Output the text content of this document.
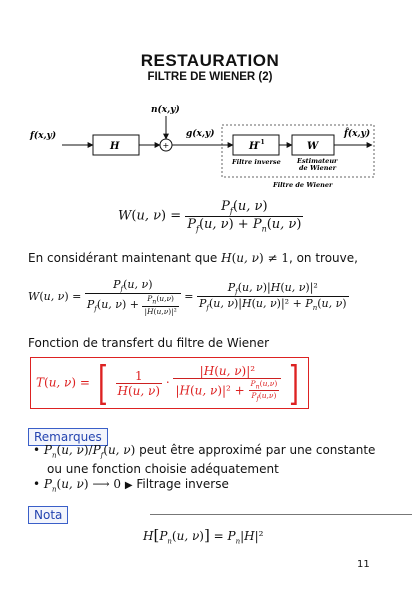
RESTAURATION
FILTRE DE WIENER (2)
f(x,y)
n(x,y)
g(x,y)	f̂(x,y)
H	H -1	W
+
Filtre inverse	Estimateur
de Wiener
Filtre de Wiener
W(u, $\nu) = \frac{P_f(u, \nu)}{P_f(u, \nu) + P_n(u, \nu)}$
En considérant maintenant que H(u, ν) ≠ 1, on trouve,
W(u, $\nu) = \frac{P_f(u, \nu)}{P_f(u, \nu) + \frac{P_n(u,\nu)}{\text{|H(u,ν)|²}}} = \frac{P_f(u, \nu)|H(u, \nu)|^2}{P_f(u, \nu)|H(u, \nu)|^2 + P_n(u, \nu)}$
Fonction de transfert du filtre de Wiener
T(u, ν) = [ $\frac{1}{H(u, \nu)} \cdot \frac{\text{|H(u, ν)|²}}{|H(u, \nu)|^2 + \frac{P_n(u,\nu)}{P_f(u,\nu)}}$ ]
Remarques
• $P_n(u$, $\nu)/P_f(u$, ν) peut être approximé par une constante
ou une fonction choisie adéquatement
• $P_n(u$, ν) ⟶ 0 ▶ Filtrage inverse
Nota
$H[P_n(u$, $\nu)] = P_n|H|^2$
11
